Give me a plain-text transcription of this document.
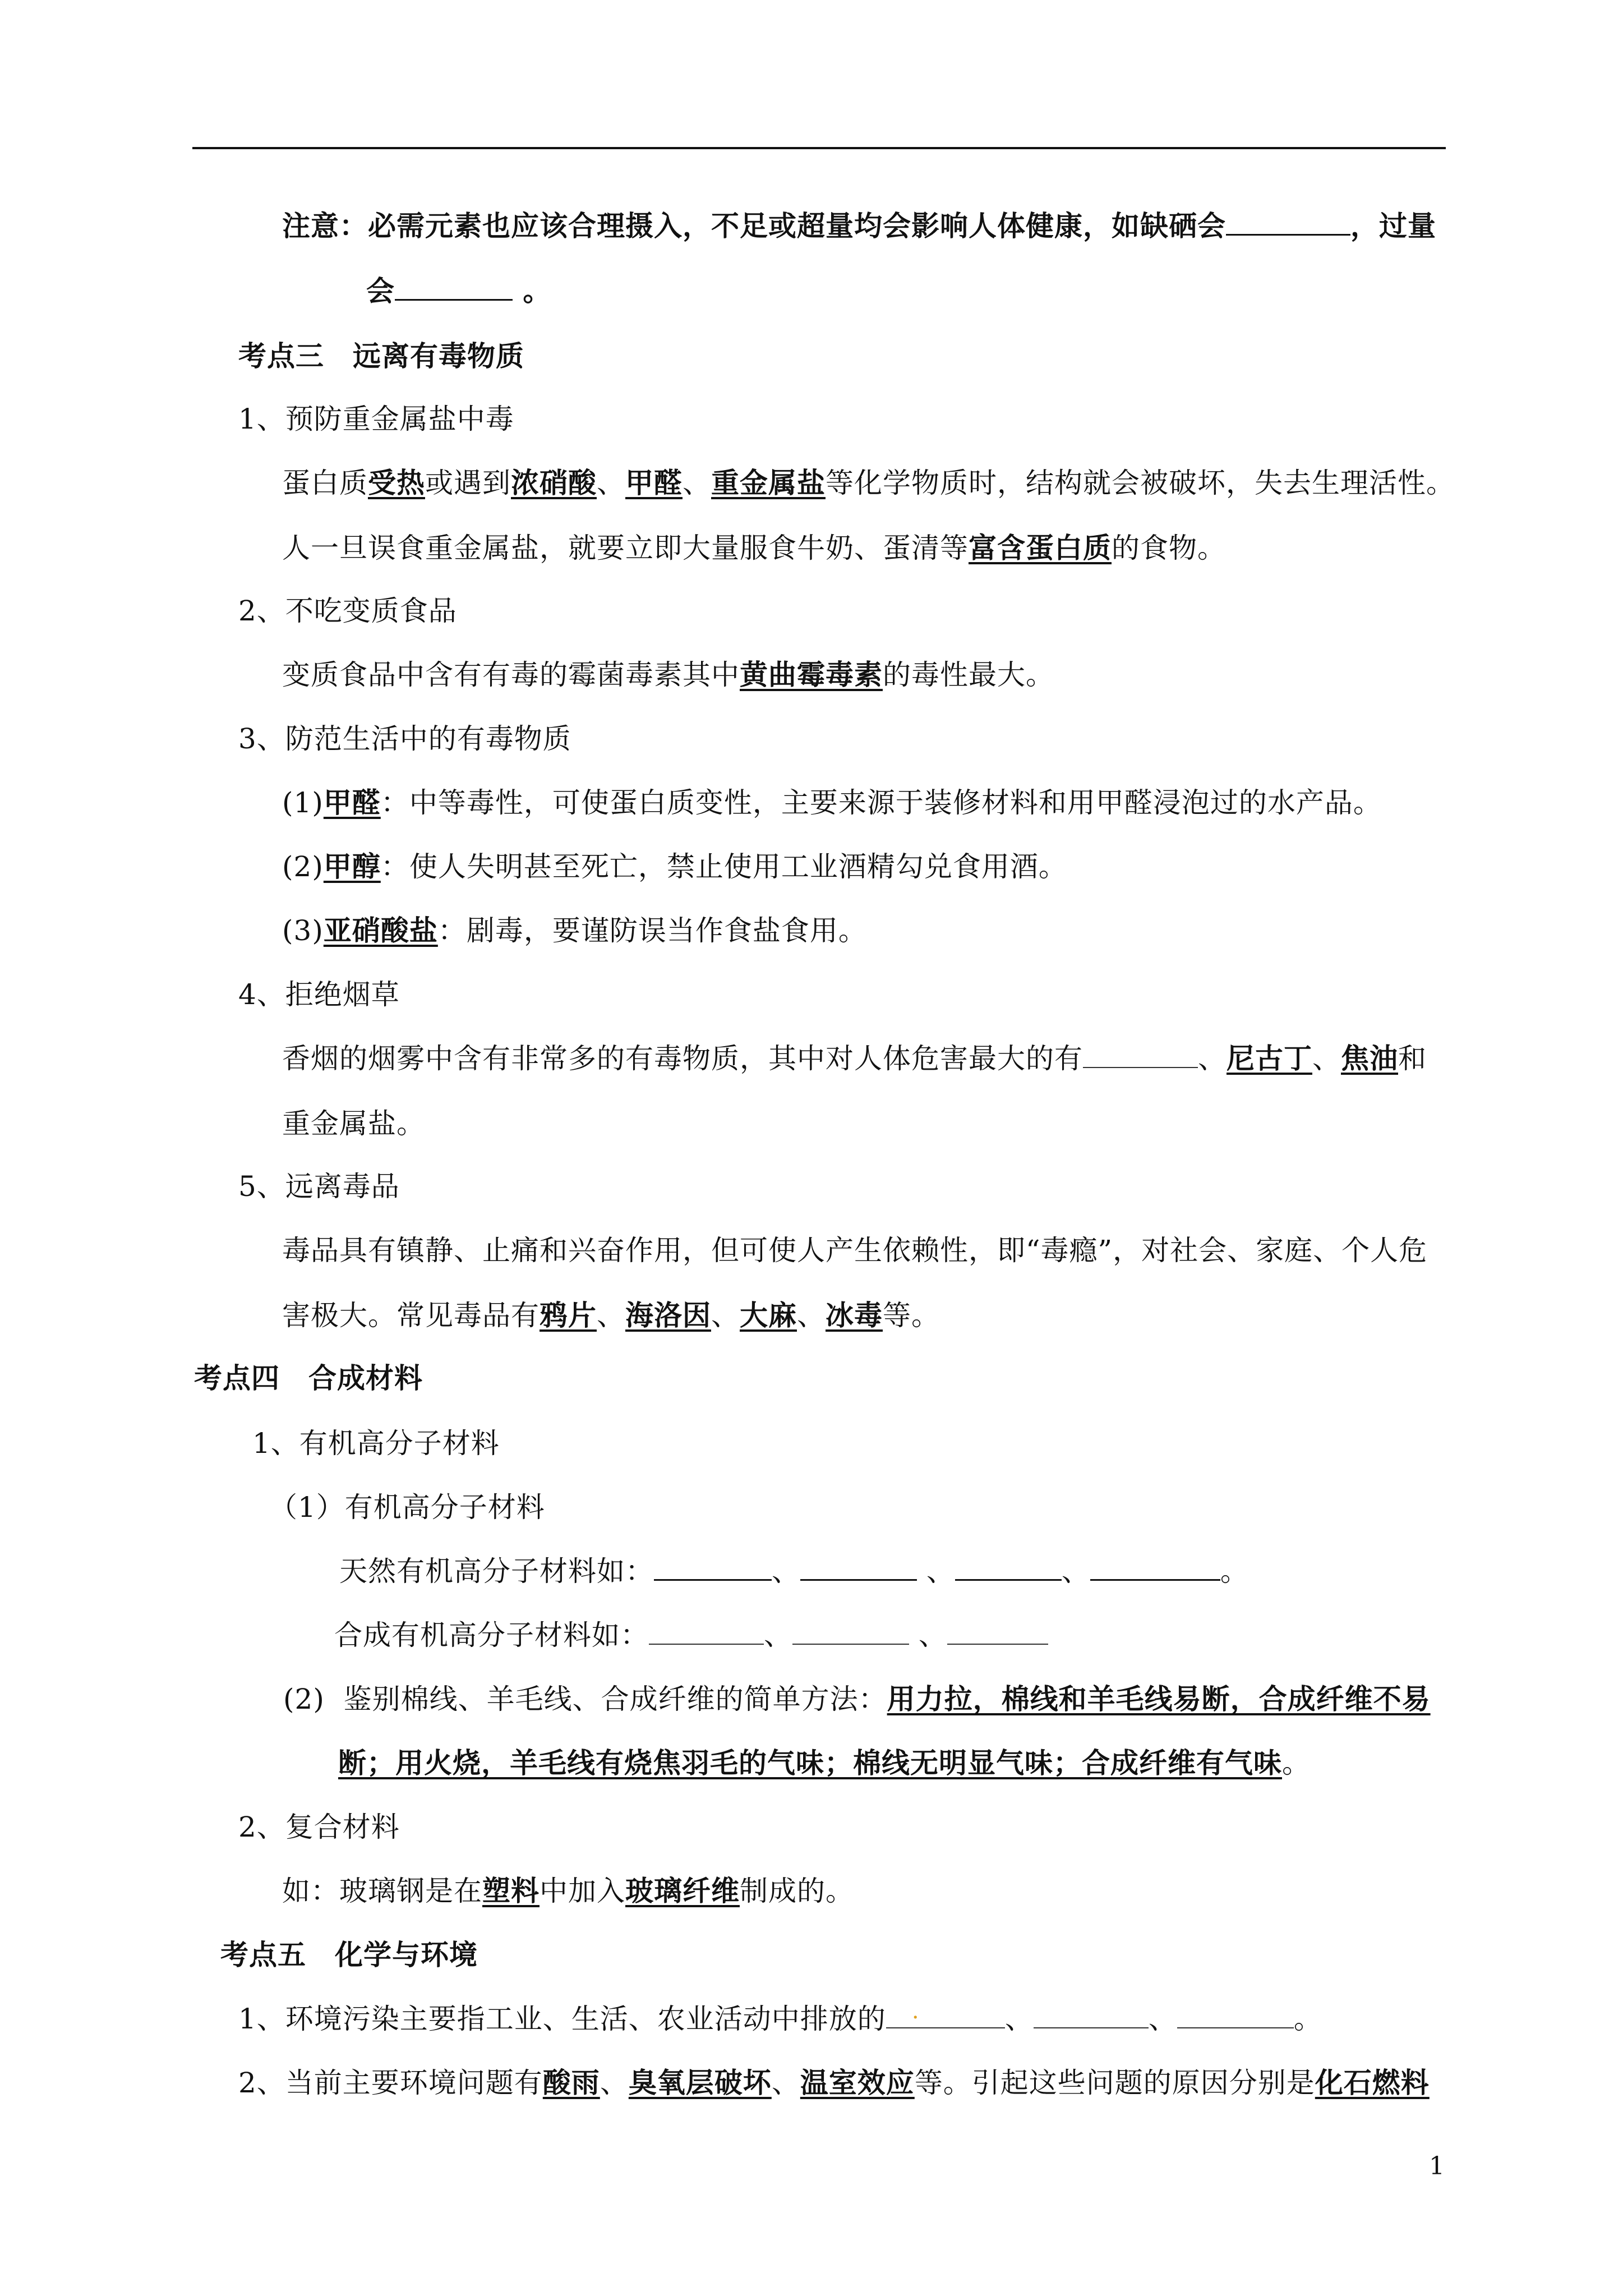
注意：必需元素也应该合理摄入，不足或超量均会影响人体健康，如缺硒会	，过量
会	。
考点三　远离有毒物质
1、预防重金属盐中毒
蛋白质受热或遇到浓硝酸、甲醛、重金属盐等化学物质时，结构就会被破坏，失去生理活性。
人一旦误食重金属盐，就要立即大量服食牛奶、蛋清等富含蛋白质的食物。
2、不吃变质食品
变质食品中含有有毒的霉菌毒素其中黄曲霉毒素的毒性最大。
3、防范生活中的有毒物质
(1)甲醛：中等毒性，可使蛋白质变性，主要来源于装修材料和用甲醛浸泡过的水产品。
(2)甲醇：使人失明甚至死亡，禁止使用工业酒精勾兑食用酒。
(3)亚硝酸盐：剧毒，要谨防误当作食盐食用。
4、拒绝烟草
香烟的烟雾中含有非常多的有毒物质，其中对人体危害最大的有	、尼古丁、焦油和
重金属盐。
5、远离毒品
毒品具有镇静、止痛和兴奋作用，但可使人产生依赖性，即“毒瘾”，对社会、家庭、个人危
害极大。常见毒品有鸦片、海洛因、大麻、冰毒等。
考点四　合成材料
1、有机高分子材料
（1）有机高分子材料
天然有机高分子材料如：	、	、	、	。
合成有机高分子材料如：	、	、
(2) 鉴别棉线、羊毛线、合成纤维的简单方法：用力拉，棉线和羊毛线易断，合成纤维不易
断；用火烧，羊毛线有烧焦羽毛的气味；棉线无明显气味；合成纤维有气味。
2、复合材料
如：玻璃钢是在塑料中加入玻璃纤维制成的。
考点五　化学与环境
1、环境污染主要指工业、生活、农业活动中排放的 .	、	、	。
2、当前主要环境问题有酸雨、臭氧层破坏、温室效应等。引起这些问题的原因分别是化石燃料
1
